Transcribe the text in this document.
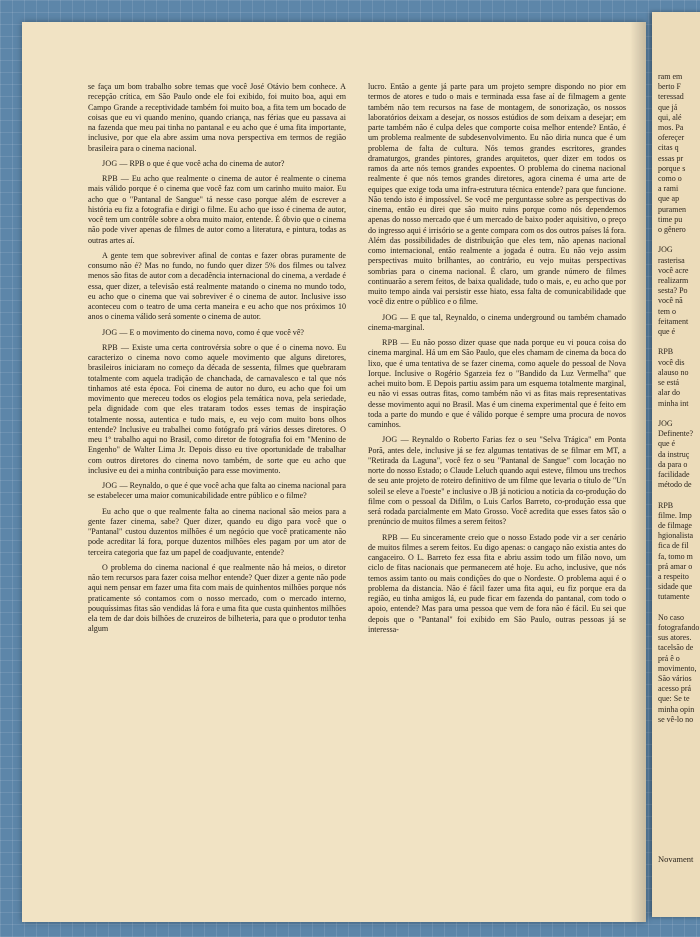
ram em
berto F
teressad
que já
qui, alé
mos. Pa
ofereçer
citas q
essas pr
porque s
como o
a rami
que ap
puramen
time pu
o gênero

JOG
rasterisa
você acre
realizarm
sesta? Po
você nã
tem o
feitament
que é

RPB
você dis
alauso no
se está
alar do
minha int

JOG
Definente?
que é
da instruç
da para o
facilidade
método de

RPB
filme. Imp
de filmage
hgionalista
fica de fil
fa, tomo m
prá amar o
a respeito
sidade que
tutamente

No caso
fotografando
sus atores.
tacelsão de
prá ê o
movimento,
São vários
acesso prá
que: Se te
minha opin
se vê-lo no
Novament

se faça um bom trabalho sobre temas que você José Otávio bem conhece. A recepção crítica, em São Paulo onde ele foi exibido, foi muito boa, aqui em Campo Grande a receptividade também foi muito boa, a fita tem um bocado de coisas que eu vi quando menino, quando criança, nas férias que eu passava ai na fazenda que meu pai tinha no pantanal e eu acho que é uma fita importante, inclusive, por que ela abre assim uma nova perspectiva em termos de região brasileira para o cinema nacional.

JOG — RPB o que é que você acha do cinema de autor?

RPB — Eu acho que realmente o cinema de autor é realmente o cinema mais válido porque é o cinema que você faz com um carinho muito maior. Eu acho que o "Pantanal de Sangue" tá nesse caso porque além de escrever a história eu fiz a fotografia e dirigi o filme. Eu acho que isso é cinema de autor, você tem um contrôle sobre a obra muito maior, entende. É óbvio que o cinema não pode viver apenas de filmes de autor como a literatura, e pintura, todas as outras artes aí.

A gente tem que sobreviver afinal de contas e fazer obras puramente de consumo não é? Mas no fundo, no fundo quer dizer 5% dos filmes ou talvez menos são fitas de autor com a decadência internacional do cinema, a verdade é essa, quer dizer, a televisão está realmente matando o cinema no mundo todo, eu acho que o cinema que vai sobreviver é o cinema de autor. Inclusive isso aconteceu com o teatro de uma certa maneira e eu acho que nos próximos 10 anos o cinema válido será somente o cinema de autor.

JOG — E o movimento do cinema novo, como é que você vê?

RPB — Existe uma certa controvérsia sobre o que é o cinema novo. Eu caracterizo o cinema novo como aquele movimento que alguns diretores, brasileiros iniciaram no começo da década de sessenta, filmes que quebraram totalmente com aquela tradição de chanchada, de carnavalesco e tal que nós tinhamos até esta época. Foi cinema de autor no duro, eu acho que foi um movimento que mereceu todos os elogios pela temática nova, pela seriedade, pela dignidade com que eles trataram todos esses temas de inspiração totalmente nossa, autentica e tudo mais, e, eu vejo com muito bons olhos entende? Inclusive eu trabalhei como fotógrafo prá vários desses diretores. O meu 1º trabalho aqui no Brasil, como diretor de fotografia foi em "Menino de Engenho" de Walter Lima Jr. Depois disso eu tive oportunidade de trabalhar com outros diretores do cinema novo também, de sorte que eu acho que inclusive eu dei a minha contribuição para esse movimento.

JOG — Reynaldo, o que é que você acha que falta ao cinema nacional para se estabelecer uma maior comunicabilidade entre público e o filme?

Eu acho que o que realmente falta ao cinema nacional são meios para a gente fazer cinema, sabe? Quer dizer, quando eu digo para você que o "Pantanal" custou duzentos milhões é um negócio que você praticamente não pode acreditar lá fora, porque duzentos milhões eles pagam por um ator de terceira categoria que faz um papel de coadjuvante, entende?

O problema do cinema nacional é que realmente não há meios, o diretor não tem recursos para fazer coisa melhor entende? Quer dizer a gente não pode aqui nem pensar em fazer uma fita com mais de quinhentos milhões porque nós praticamente só contamos com o nosso mercado, com o mercado interno, pouquíssimas fitas são vendidas lá fora e uma fita que custa quinhentos milhões ela tem de dar dois bilhões de cruzeiros de bilheteria, para que o produtor tenha algum

lucro. Então a gente já parte para um projeto sempre dispondo no pior em termos de atores e tudo o mais e terminada essa fase aí de filmagem a gente também não tem recursos na fase de montagem, de sonorização, os nossos laboratórios deixam a desejar, os nossos estúdios de som deixam a desejar; em parte também não é culpa deles que comporte coisa melhor entende? Então, é um problema realmente de subdesenvolvimento. Eu não diria nunca que é um problema de falta de cultura. Nós temos grandes escritores, grandes dramaturgos, grandes pintores, grandes arquitetos, quer dizer em todos os ramos da arte nós temos grandes expoentes. O problema do cinema nacional realmente é que nós temos grandes diretores, agora cinema é uma arte de equipes que exige toda uma infra-estrutura técnica entende? para que funcione. Não tendo isto é impossível. Se você me perguntasse sobre as perspectivas do cinema, então eu direi que são muito ruins porque como nós dependemos apenas do nosso mercado que é um mercado de baixo poder aquisitivo, o preço do ingresso aqui é irrisório se a gente compara com os dos outros países lá fora. Além das possibilidades de distribuição que eles tem, não apenas nacional como internacional, então realmente a jogada é outra. Eu não vejo assim perspectivas muito brilhantes, ao contrário, eu vejo muitas perspectivas sombrias para o cinema nacional. É claro, um grande número de filmes continuarão a serem feitos, de baixa qualidade, tudo o mais, e, eu acho que por muito tempo ainda vai persistir esse hiato, essa falta de comunicabilidade que você diz entre o público e o filme.

JOG — E que tal, Reynaldo, o cinema underground ou também chamado cinema-marginal.

RPB — Eu não posso dizer quase que nada porque eu vi pouca coisa do cinema marginal. Há um em São Paulo, que eles chamam de cinema da boca do lixo, que é uma tentativa de se fazer cinema, como aquele do pessoal de Nova Iorque. Inclusive o Rogério Sgarzeia fez o "Bandido da Luz Vermelha" que achei muito bom. E Depois partiu assim para um esquema totalmente marginal, eu não vi essas outras fitas, como também não vi as fitas mais representativas desse movimento aqui no Brasil. Mas é um cinema experimental que é feito em toda a parte do mundo e que é válido porque é sempre uma procura de novos caminhos.

JOG — Reynaldo o Roberto Farias fez o seu "Selva Trágica" em Ponta Porã, antes dele, inclusive já se fez algumas tentativas de se filmar em MT, a "Retirada da Laguna", você fez o seu "Pantanal de Sangue" com locação no norte do nosso Estado; o Claude Leluch quando aqui esteve, filmou uns trechos de seu ante projeto de roteiro definitivo de um filme que levaria o título de "Un soleil se eleve a l'oeste" e inclusive o JB já noticiou a notícia da co-produção do filme com o pessoal da Difilm, o Luis Carlos Barreto, co-produção essa que será rodada parcialmente em Mato Grosso. Você acredita que esses fatos são o prenúncio de muitos filmes a serem feitos?

RPB — Eu sinceramente creio que o nosso Estado pode vir a ser cenário de muitos filmes a serem feitos. Eu digo apenas: o cangaço não existia antes do cangaceiro. O L. Barreto fez essa fita e abriu assim todo um filão novo, um ciclo de fitas nacionais que permanecem até hoje. Eu acho, inclusive, que nós temos assim tanto ou mais condições do que o Nordeste. O problema aqui é o problema da distancia. Não é fácil fazer uma fita aqui, eu fiz porque era da região, eu tinha amigos lá, eu pude ficar em fazenda do pantanal, com todo o apoio, entende? Mas para uma pessoa que vem de fora não é fácil. Eu sei que depois que o "Pantanal" foi exibido em São Paulo, outras pessoas já se interessa-
